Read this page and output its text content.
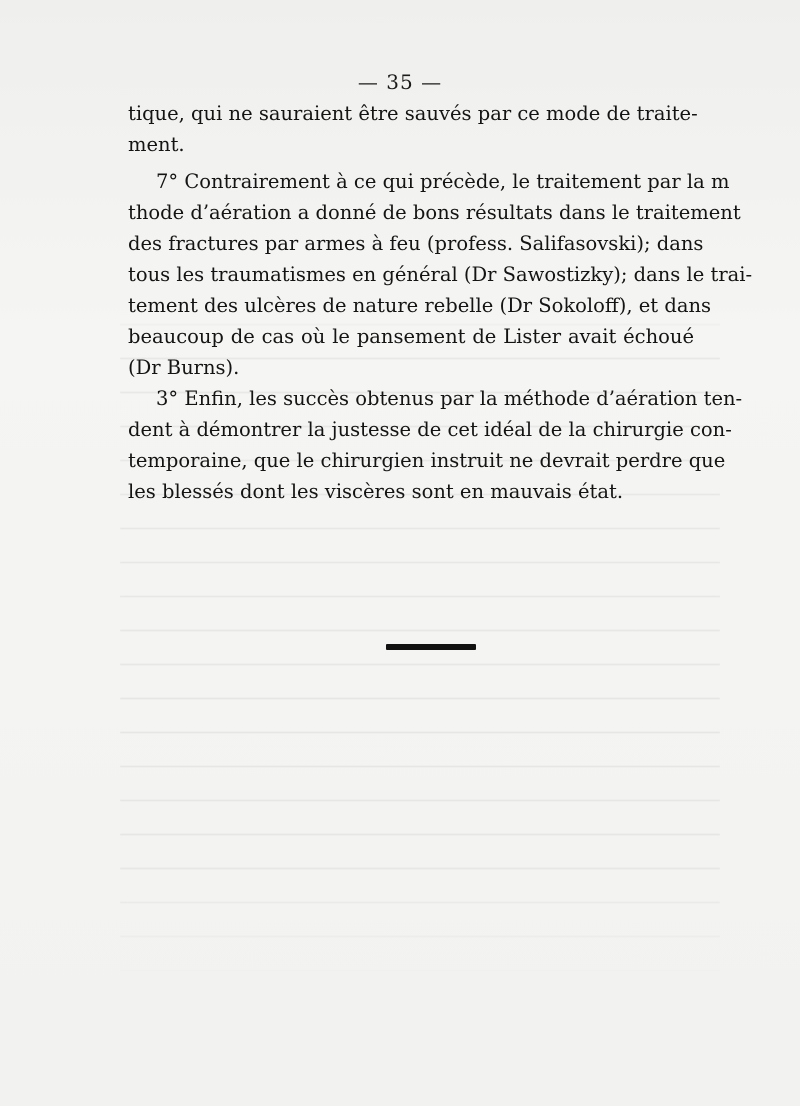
— 35 —
tique, qui ne sauraient être sauvés par ce mode de traite-
ment.
7° Contrairement à ce qui précède, le traitement par la m
thode d’aération a donné de bons résultats dans le traitement
des fractures par armes à feu (profess. Salifasovski); dans
tous les traumatismes en général (Dr Sawostizky); dans le trai-
tement des ulcères de nature rebelle (Dr Sokoloff), et dans
beaucoup de cas où le pansement de Lister avait échoué
(Dr Burns).
3° Enfin, les succès obtenus par la méthode d’aération ten-
dent à démontrer la justesse de cet idéal de la chirurgie con-
temporaine, que le chirurgien instruit ne devrait perdre que
les blessés dont les viscères sont en mauvais état.
